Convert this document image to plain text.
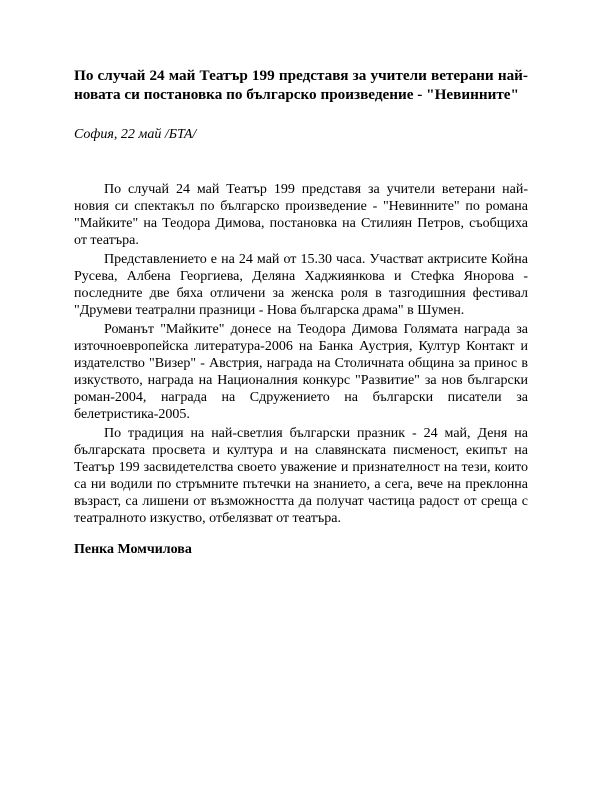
По случай 24 май Театър 199 представя за учители ветерани най-новата си постановка по българско произведение - "Невинните"
София, 22 май /БТА/

По случай 24 май Театър 199 представя за учители ветерани най-новия си спектакъл по българско произведение - "Невинните" по романа "Майките" на Теодора Димова, постановка на Стилиян Петров, съобщиха от театъра.

Представлението е на 24 май от 15.30 часа. Участват актрисите Койна Русева, Албена Георгиева, Деляна Хаджиянкова и Стефка Янорова - последните две бяха отличени за женска роля в тазгодишния фестивал "Друмеви театрални празници - Нова българска драма" в Шумен.

Романът "Майките" донесе на Теодора Димова Голямата награда за източноевропейска литература-2006 на Банка Аустрия, Култур Контакт и издателство "Визер" - Австрия, награда на Столичната община за принос в изкуството, награда на Националния конкурс "Развитие" за нов български роман-2004, награда на Сдружението на български писатели за белетристика-2005.

По традиция на най-светлия български празник - 24 май, Деня на българската просвета и култура и на славянската писменост, екипът на Театър 199 засвидетелства своето уважение и признателност на тези, които са ни водили по стръмните пътечки на знанието, а сега, вече на преклонна възраст, са лишени от възможността да получат частица радост от среща с театралното изкуство, отбелязват от театъра.

Пенка Момчилова
